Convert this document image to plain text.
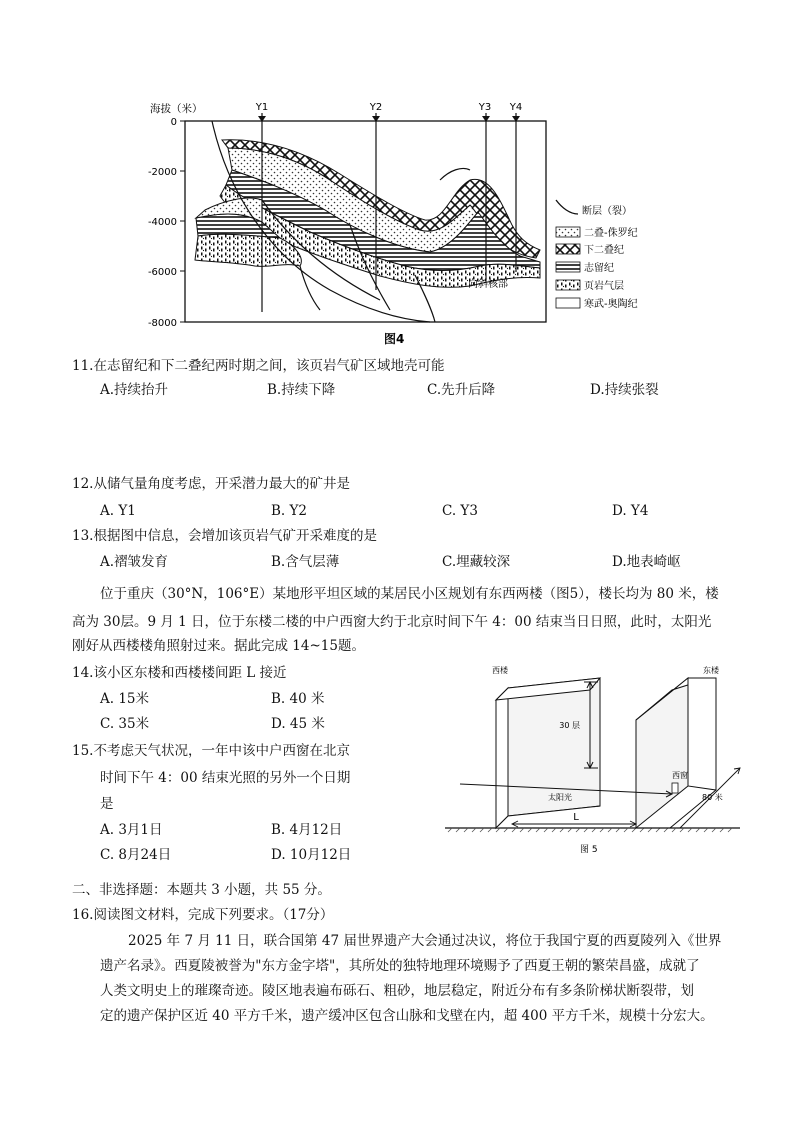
海拔（米）
0
-2000
-4000
-6000
-8000
Y1	Y2	Y3 Y4
向斜核部
断层（裂）
二叠-侏罗纪
下二叠纪
志留纪
页岩气层
寒武-奥陶纪
图4
11.在志留纪和下二叠纪两时期之间，该页岩气矿区域地壳可能
A.持续抬升	B.持续下降	C.先升后降	D.持续张裂
12.从储气量角度考虑，开采潜力最大的矿井是
A. Y1	B. Y2	C. Y3	D. Y4
13.根据图中信息，会增加该页岩气矿开采难度的是
A.褶皱发育	B.含气层薄	C.埋藏较深	D.地表崎岖
位于重庆（30°N，106°E）某地形平坦区域的某居民小区规划有东西两楼（图5），楼长均为 80 米，楼
高为 30层。9 月 1 日，位于东楼二楼的中户西窗大约于北京时间下午 4：00 结束当日日照，此时，太阳光
刚好从西楼楼角照射过来。据此完成 14~15题。
14.该小区东楼和西楼楼间距 L 接近
A. 15米	B. 40 米
C. 35米	D. 45 米
15.不考虑天气状况，一年中该中户西窗在北京
时间下午 4：00 结束光照的另外一个日期
是
A. 3月1日	B. 4月12日
C. 8月24日	D. 10月12日
30 层
太阳光
西窗
L
80 米
西楼	东楼
图 5
二、非选择题：本题共 3 小题，共 55 分。
16.阅读图文材料，完成下列要求。（17分）
2025 年 7 月 11 日，联合国第 47 届世界遗产大会通过决议，将位于我国宁夏的西夏陵列入《世界
遗产名录》。西夏陵被誉为"东方金字塔"，其所处的独特地理环境赐予了西夏王朝的繁荣昌盛，成就了
人类文明史上的璀璨奇迹。陵区地表遍布砾石、粗砂，地层稳定，附近分布有多条阶梯状断裂带，划
定的遗产保护区近 40 平方千米，遗产缓冲区包含山脉和戈壁在内，超 400 平方千米，规模十分宏大。
